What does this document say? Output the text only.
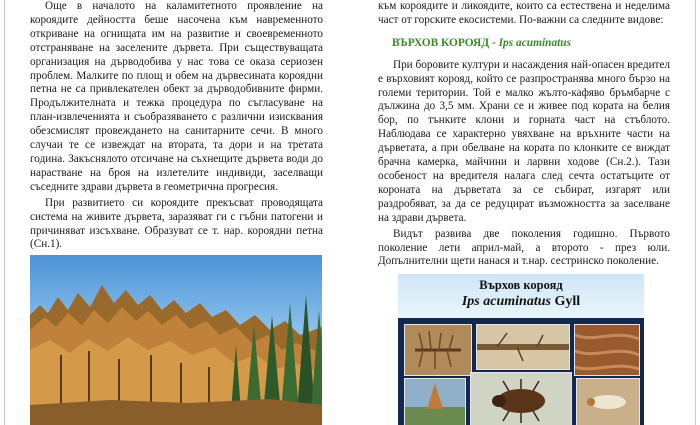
Още в началото на каламитетното проявление на короядите дейността беше насочена към навременното откриване на огнищата им на развитие и своевременното отстраняване на заселените дървета. При съществуващата организация на дърводобива у нас това се оказа сериозен проблем. Малките по площ и обем на дървесината короядни петна не са привлекателен обект за дърводобивните фирми. Продължителната и тежка процедура по съгласуване на план-извлеченията и съобразяването с различни изисквания обезсмислят провеждането на санитарните сечи. В много случаи те се извеждат на втората, та дори и на третата година. Закъснялото отсичане на съхнещите дървета води до нарастване на броя на излетелите индивиди, заселващи съседните здрави дървета в геометрична прогресия.

При развитието си короядите прекъсват проводящата система на живите дървета, заразяват ги с гъбни патогени и причиняват изсъхване. Образуват се т. нар. короядни петна (Сн.1).

към короядите и ликоядите, които са естествена и неделима част от горските екосистеми. По-важни са следните видове:

ВЪРХОВ КОРОЯД - Ips acuminatus

При боровите култури и насаждения най-опасен вредител е върховият корояд, който се разпространява много бързо на големи територии. Той е малко жълто-кафяво бръмбарче с дължина до 3,5 мм. Храни се и живее под кората на белия бор, по тънките клони и горната част на стъблото. Наблюдава се характерно увяхване на връхните части на дърветата, а при обелване на кората по клонките се виждат брачна камерка, майчини и ларвни ходове (Сн.2.). Тази особеност на вредителя налага след сечта остатъците от короната на дърветата за се събират, изгарят или раздробяват, за да се редуцират възможността за заселване на здрави дървета.

Видът развива две поколения годишно. Първото поколение лети април-май, а второто - през юли. Допълнителни щети нанася и т.нар. сестринско поколение.

Върхов корояд
Ips acuminatus Gyll
